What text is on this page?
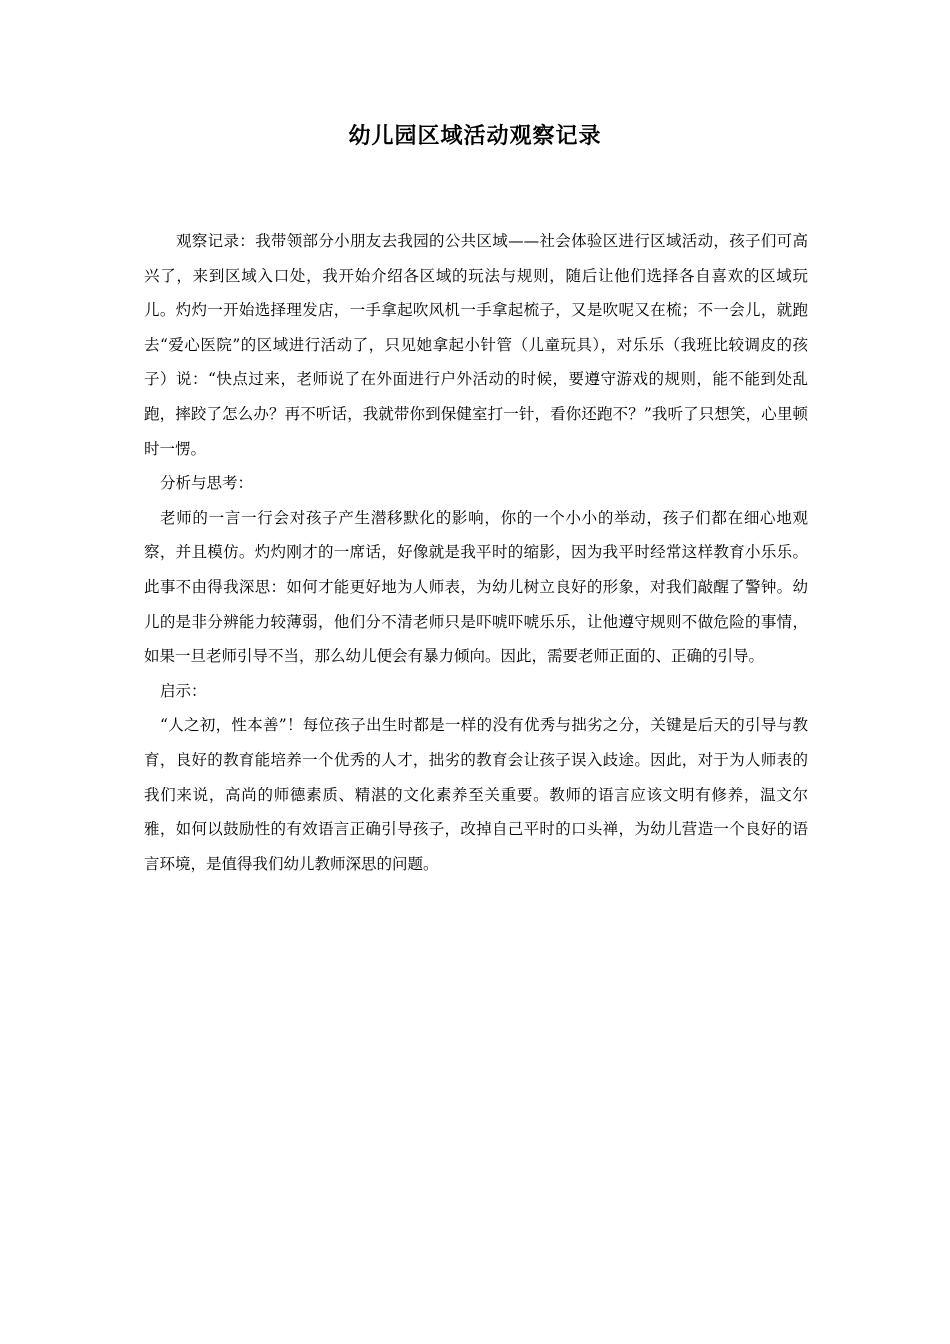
幼儿园区域活动观察记录

观察记录：我带领部分小朋友去我园的公共区域——社会体验区进行区域活动，孩子们可高兴了，来到区域入口处，我开始介绍各区域的玩法与规则，随后让他们选择各自喜欢的区域玩儿。灼灼一开始选择理发店，一手拿起吹风机一手拿起梳子，又是吹呢又在梳；不一会儿，就跑去“爱心医院”的区域进行活动了，只见她拿起小针管（儿童玩具），对乐乐（我班比较调皮的孩子）说：“快点过来，老师说了在外面进行户外活动的时候，要遵守游戏的规则，能不能到处乱跑，摔跤了怎么办？再不听话，我就带你到保健室打一针，看你还跑不？”我听了只想笑，心里顿时一愣。

分析与思考：

老师的一言一行会对孩子产生潜移默化的影响，你的一个小小的举动，孩子们都在细心地观察，并且模仿。灼灼刚才的一席话，好像就是我平时的缩影，因为我平时经常这样教育小乐乐。此事不由得我深思：如何才能更好地为人师表，为幼儿树立良好的形象，对我们敲醒了警钟。幼儿的是非分辨能力较薄弱，他们分不清老师只是吓唬吓唬乐乐，让他遵守规则不做危险的事情，如果一旦老师引导不当，那么幼儿便会有暴力倾向。因此，需要老师正面的、正确的引导。

启示：

“人之初，性本善”！每位孩子出生时都是一样的没有优秀与拙劣之分，关键是后天的引导与教育，良好的教育能培养一个优秀的人才，拙劣的教育会让孩子误入歧途。因此，对于为人师表的我们来说，高尚的师德素质、精湛的文化素养至关重要。教师的语言应该文明有修养，温文尔雅，如何以鼓励性的有效语言正确引导孩子，改掉自己平时的口头禅，为幼儿营造一个良好的语言环境，是值得我们幼儿教师深思的问题。
